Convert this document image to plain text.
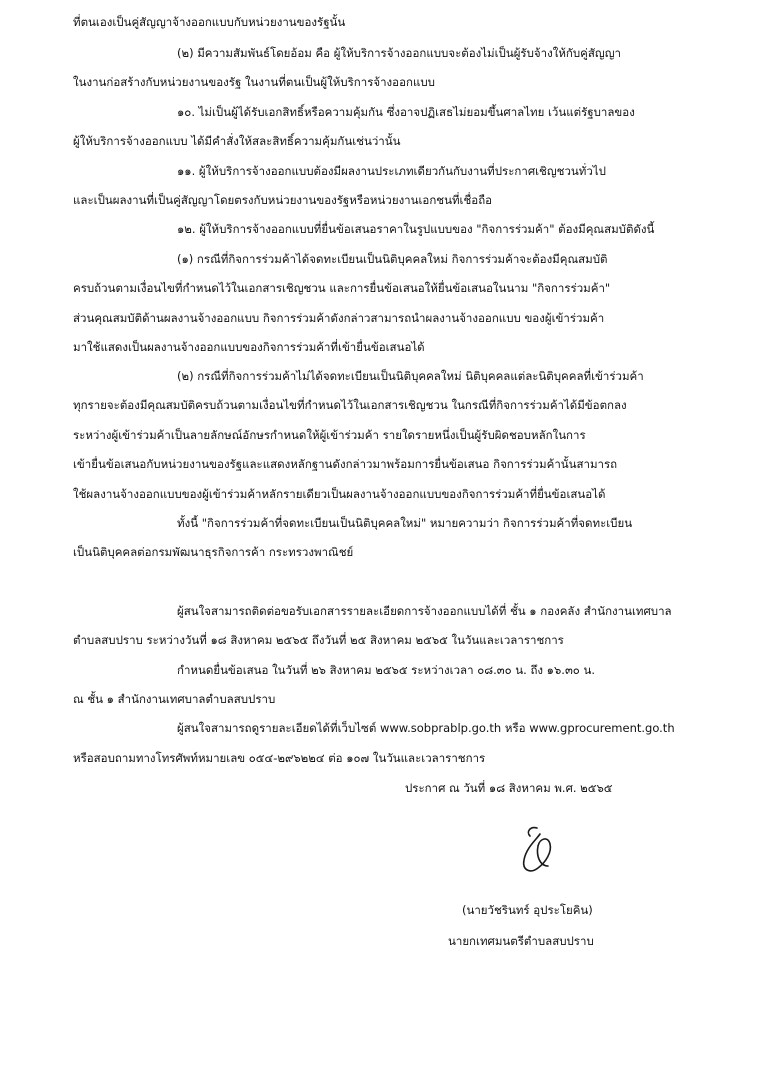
ที่ตนเองเป็นคู่สัญญาจ้างออกแบบกับหน่วยงานของรัฐนั้น
(๒) มีความสัมพันธ์โดยอ้อม คือ ผู้ให้บริการจ้างออกแบบจะต้องไม่เป็นผู้รับจ้างให้กับคู่สัญญา
ในงานก่อสร้างกับหน่วยงานของรัฐ ในงานที่ตนเป็นผู้ให้บริการจ้างออกแบบ
๑๐. ไม่เป็นผู้ได้รับเอกสิทธิ์หรือความคุ้มกัน ซึ่งอาจปฏิเสธไม่ยอมขึ้นศาลไทย เว้นแต่รัฐบาลของ
ผู้ให้บริการจ้างออกแบบ ได้มีคำสั่งให้สละสิทธิ์ความคุ้มกันเช่นว่านั้น
๑๑. ผู้ให้บริการจ้างออกแบบต้องมีผลงานประเภทเดียวกันกับงานที่ประกาศเชิญชวนทั่วไป
และเป็นผลงานที่เป็นคู่สัญญาโดยตรงกับหน่วยงานของรัฐหรือหน่วยงานเอกชนที่เชื่อถือ
๑๒. ผู้ให้บริการจ้างออกแบบที่ยื่นข้อเสนอราคาในรูปแบบของ "กิจการร่วมค้า" ต้องมีคุณสมบัติดังนี้
(๑) กรณีที่กิจการร่วมค้าได้จดทะเบียนเป็นนิติบุคคลใหม่ กิจการร่วมค้าจะต้องมีคุณสมบัติ
ครบถ้วนตามเงื่อนไขที่กำหนดไว้ในเอกสารเชิญชวน และการยื่นข้อเสนอให้ยื่นข้อเสนอในนาม "กิจการร่วมค้า"
ส่วนคุณสมบัติด้านผลงานจ้างออกแบบ กิจการร่วมค้าดังกล่าวสามารถนำผลงานจ้างออกแบบ ของผู้เข้าร่วมค้า
มาใช้แสดงเป็นผลงานจ้างออกแบบของกิจการร่วมค้าที่เข้ายื่นข้อเสนอได้
(๒) กรณีที่กิจการร่วมค้าไม่ได้จดทะเบียนเป็นนิติบุคคลใหม่ นิติบุคคลแต่ละนิติบุคคลที่เข้าร่วมค้า
ทุกรายจะต้องมีคุณสมบัติครบถ้วนตามเงื่อนไขที่กำหนดไว้ในเอกสารเชิญชวน ในกรณีที่กิจการร่วมค้าได้มีข้อตกลง
ระหว่างผู้เข้าร่วมค้าเป็นลายลักษณ์อักษรกำหนดให้ผู้เข้าร่วมค้า รายใดรายหนึ่งเป็นผู้รับผิดชอบหลักในการ
เข้ายื่นข้อเสนอกับหน่วยงานของรัฐและแสดงหลักฐานดังกล่าวมาพร้อมการยื่นข้อเสนอ กิจการร่วมค้านั้นสามารถ
ใช้ผลงานจ้างออกแบบของผู้เข้าร่วมค้าหลักรายเดียวเป็นผลงานจ้างออกแบบของกิจการร่วมค้าที่ยื่นข้อเสนอได้
ทั้งนี้ "กิจการร่วมค้าที่จดทะเบียนเป็นนิติบุคคลใหม่" หมายความว่า กิจการร่วมค้าที่จดทะเบียน
เป็นนิติบุคคลต่อกรมพัฒนาธุรกิจการค้า กระทรวงพาณิชย์
ผู้สนใจสามารถติดต่อขอรับเอกสารรายละเอียดการจ้างออกแบบได้ที่ ชั้น ๑ กองคลัง สำนักงานเทศบาล
ตำบลสบปราบ ระหว่างวันที่ ๑๘ สิงหาคม ๒๕๖๕ ถึงวันที่ ๒๕ สิงหาคม ๒๕๖๕ ในวันและเวลาราชการ
กำหนดยื่นข้อเสนอ ในวันที่ ๒๖ สิงหาคม ๒๕๖๕ ระหว่างเวลา ๐๘.๓๐ น. ถึง ๑๖.๓๐ น.
ณ ชั้น ๑ สำนักงานเทศบาลตำบลสบปราบ
ผู้สนใจสามารถดูรายละเอียดได้ที่เว็บไซต์ www.sobprablp.go.th หรือ www.gprocurement.go.th
หรือสอบถามทางโทรศัพท์หมายเลข ๐๕๔-๒๙๖๒๒๔ ต่อ ๑๐๗ ในวันและเวลาราชการ
ประกาศ ณ วันที่ ๑๘ สิงหาคม พ.ศ. ๒๕๖๕
(นายวัชรินทร์ อุประโยคิน)
นายกเทศมนตรีตำบลสบปราบ
